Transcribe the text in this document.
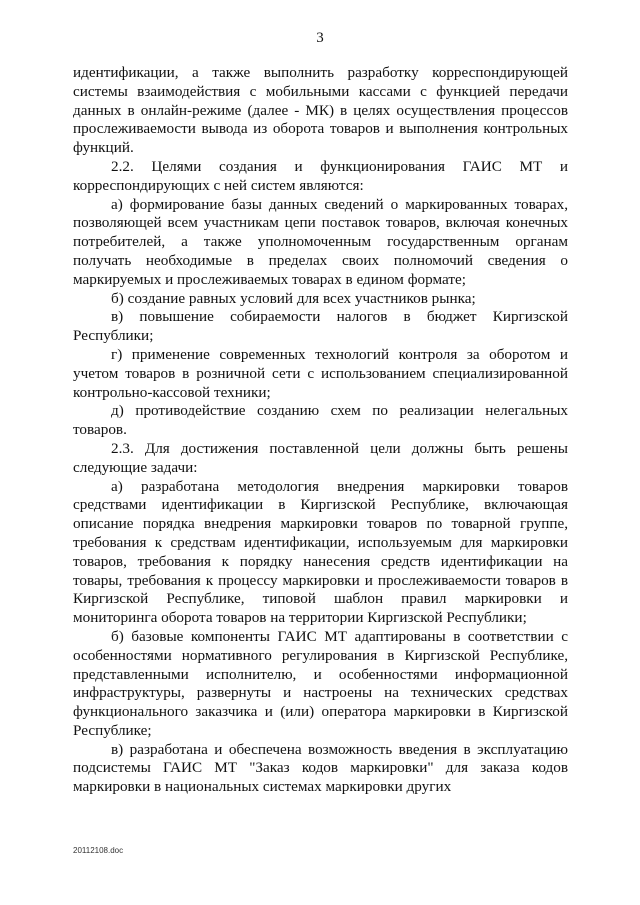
3

идентификации, а также выполнить разработку корреспондирующей системы взаимодействия с мобильными кассами с функцией передачи данных в онлайн-режиме (далее - МК) в целях осуществления процессов прослеживаемости вывода из оборота товаров и выполнения контрольных функций.

2.2. Целями создания и функционирования ГАИС МТ и корреспондирующих с ней систем являются:

а) формирование базы данных сведений о маркированных товарах, позволяющей всем участникам цепи поставок товаров, включая конечных потребителей, а также уполномоченным государственным органам получать необходимые в пределах своих полномочий сведения о маркируемых и прослеживаемых товарах в едином формате;

б) создание равных условий для всех участников рынка;

в) повышение собираемости налогов в бюджет Киргизской Республики;

г) применение современных технологий контроля за оборотом и учетом товаров в розничной сети с использованием специализированной контрольно-кассовой техники;

д) противодействие созданию схем по реализации нелегальных товаров.

2.3. Для достижения поставленной цели должны быть решены следующие задачи:

а) разработана методология внедрения маркировки товаров средствами идентификации в Киргизской Республике, включающая описание порядка внедрения маркировки товаров по товарной группе, требования к средствам идентификации, используемым для маркировки товаров, требования к порядку нанесения средств идентификации на товары, требования к процессу маркировки и прослеживаемости товаров в Киргизской Республике, типовой шаблон правил маркировки и мониторинга оборота товаров на территории Киргизской Республики;

б) базовые компоненты ГАИС МТ адаптированы в соответствии с особенностями нормативного регулирования в Киргизской Республике, представленными исполнителю, и особенностями информационной инфраструктуры, развернуты и настроены на технических средствах функционального заказчика и (или) оператора маркировки в Киргизской Республике;

в) разработана и обеспечена возможность введения в эксплуатацию подсистемы ГАИС МТ "Заказ кодов маркировки" для заказа кодов маркировки в национальных системах маркировки других

20112108.doc
